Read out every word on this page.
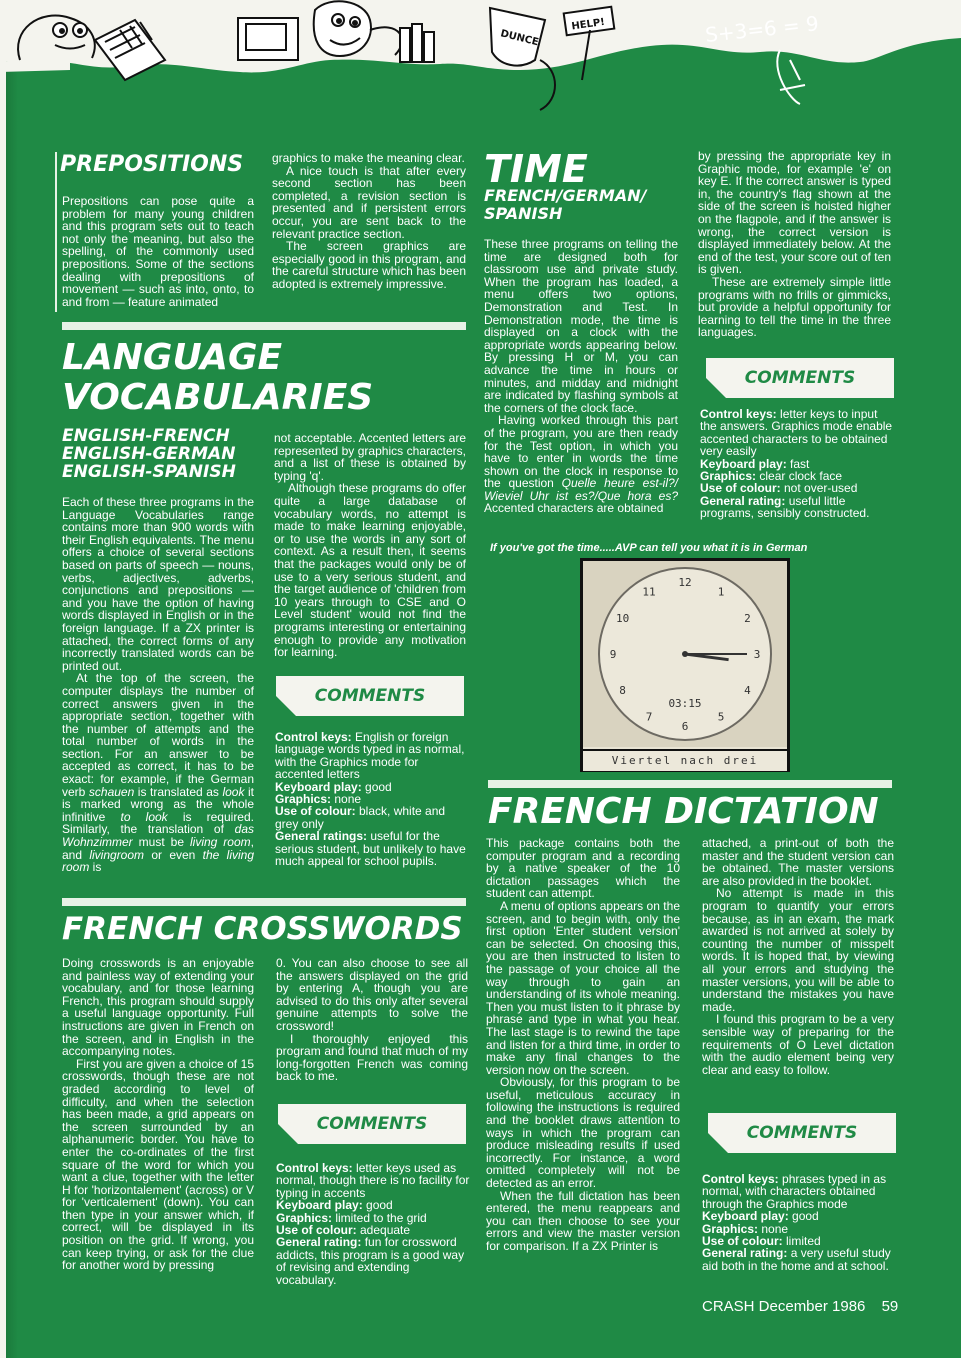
DUNCE
HELP!	S+3=6 = 9
PREPOSITIONS

Prepositions can pose quite a problem for many young children and this program sets out to teach not only the meaning, but also the spelling, of the commonly used prepositions. Some of the sections dealing with prepositions of movement — such as into, onto, to and from — feature animated

graphics to make the meaning clear.

A nice touch is that after every second section has been completed, a revision section is presented and if persistent errors occur, you are sent back to the relevant practice section.

The screen graphics are especially good in this program, and the careful structure which has been adopted is extremely impressive.

TIME
FRENCH/GERMAN/
SPANISH

These three programs on telling the time are designed both for classroom use and private study. When the program has loaded, a menu offers two options, Demonstration and Test. In Demonstration mode, the time is displayed on a clock with the appropriate words appearing below. By pressing H or M, you can advance the time in hours or minutes, and midday and midnight are indicated by flashing symbols at the corners of the clock face.

Having worked through this part of the program, you are then ready for the Test option, in which you have to enter in words the time shown on the clock in response to the question Quelle heure est-il?/ Wieviel Uhr ist es?/Que hora es? Accented characters are obtained

by pressing the appropriate key in Graphic mode, for example 'e' on key E. If the correct answer is typed in, the country's flag shown at the side of the screen is hoisted higher on the flagpole, and if the answer is wrong, the correct version is displayed immediately below. At the end of the test, your score out of ten is given.

These are extremely simple little programs with no frills or gimmicks, but provide a helpful opportunity for learning to tell the time in the three languages.

COMMENTS
Control keys: letter keys to input the answers. Graphics mode enable accented characters to be obtained very easily
Keyboard play: fast
Graphics: clear clock face
Use of colour: not over-used
General rating: useful little programs, sensibly constructed.
If you've got the time.....AVP can tell you what it is in German
12
1
2
3
4
5
6
7
8
9
10
11
03:15
Viertel nach drei
LANGUAGE
VOCABULARIES
ENGLISH-FRENCH
ENGLISH-GERMAN
ENGLISH-SPANISH

Each of these three programs in the Language Vocabularies range contains more than 900 words with their English equivalents. The menu offers a choice of several sections based on parts of speech — nouns, verbs, adjectives, adverbs, conjunctions and prepositions — and you have the option of having words displayed in English or in the foreign language. If a ZX printer is attached, the correct forms of any incorrectly translated words can be printed out.

At the top of the screen, the computer displays the number of correct answers given in the appropriate section, together with the number of attempts and the total number of words in the section. For an answer to be accepted as correct, it has to be exact: for example, if the German verb schauen is translated as look it is marked wrong as the whole infinitive to look is required. Similarly, the translation of das Wohnzimmer must be living room, and livingroom or even the living room is

not acceptable. Accented letters are represented by graphics characters, and a list of these is obtained by typing 'q'.

Although these programs do offer quite a large database of vocabulary words, no attempt is made to make learning enjoyable, or to use the words in any sort of context. As a result then, it seems that the packages would only be of use to a very serious student, and the target audience of 'children from 10 years through to CSE and O Level student' would not find the programs interesting or entertaining enough to provide any motivation for learning.

COMMENTS
Control keys: English or foreign language words typed in as normal, with the Graphics mode for accented letters
Keyboard play: good
Graphics: none
Use of colour: black, white and grey only
General ratings: useful for the serious student, but unlikely to have much appeal for school pupils.
FRENCH CROSSWORDS

Doing crosswords is an enjoyable and painless way of extending your vocabulary, and for those learning French, this program should supply a useful language opportunity. Full instructions are given in French on the screen, and in English in the accompanying notes.

First you are given a choice of 15 crosswords, though these are not graded according to level of difficulty, and when the selection has been made, a grid appears on the screen surrounded by an alphanumeric border. You have to enter the co-ordinates of the first square of the word for which you want a clue, together with the letter H for 'horizontalement' (across) or V for 'verticalement' (down). You can then type in your answer which, if correct, will be displayed in its position on the grid. If wrong, you can keep trying, or ask for the clue for another word by pressing

0. You can also choose to see all the answers displayed on the grid by entering A, though you are advised to do this only after several genuine attempts to solve the crossword!

I thoroughly enjoyed this program and found that much of my long-forgotten French was coming back to me.

COMMENTS
Control keys: letter keys used as normal, though there is no facility for typing in accents
Keyboard play: good
Graphics: limited to the grid
Use of colour: adequate
General rating: fun for crossword addicts, this program is a good way of revising and extending vocabulary.
FRENCH DICTATION

This package contains both the computer program and a recording by a native speaker of the 10 dictation passages which the student can attempt.

A menu of options appears on the screen, and to begin with, only the first option 'Enter student version' can be selected. On choosing this, you are then instructed to listen to the passage of your choice all the way through to gain an understanding of its whole meaning. Then you must listen to it phrase by phrase and type in what you hear. The last stage is to rewind the tape and listen for a third time, in order to make any final changes to the version now on the screen.

Obviously, for this program to be useful, meticulous accuracy in following the instructions is required and the booklet draws attention to ways in which the program can produce misleading results if used incorrectly. For instance, a word omitted completely will not be detected as an error.

When the full dictation has been entered, the menu reappears and you can then choose to see your errors and view the master version for comparison. If a ZX Printer is

attached, a print-out of both the master and the student version can be obtained. The master versions are also provided in the booklet.

No attempt is made in this program to quantify your errors because, as in an exam, the mark awarded is not arrived at solely by counting the number of misspelt words. It is hoped that, by viewing all your errors and studying the master versions, you will be able to understand the mistakes you have made.

I found this program to be a very sensible way of preparing for the requirements of O Level dictation with the audio element being very clear and easy to follow.

COMMENTS
Control keys: phrases typed in as normal, with characters obtained through the Graphics mode
Keyboard play: good
Graphics: none
Use of colour: limited
General rating: a very useful study aid both in the home and at school.
CRASH December 1986 59
